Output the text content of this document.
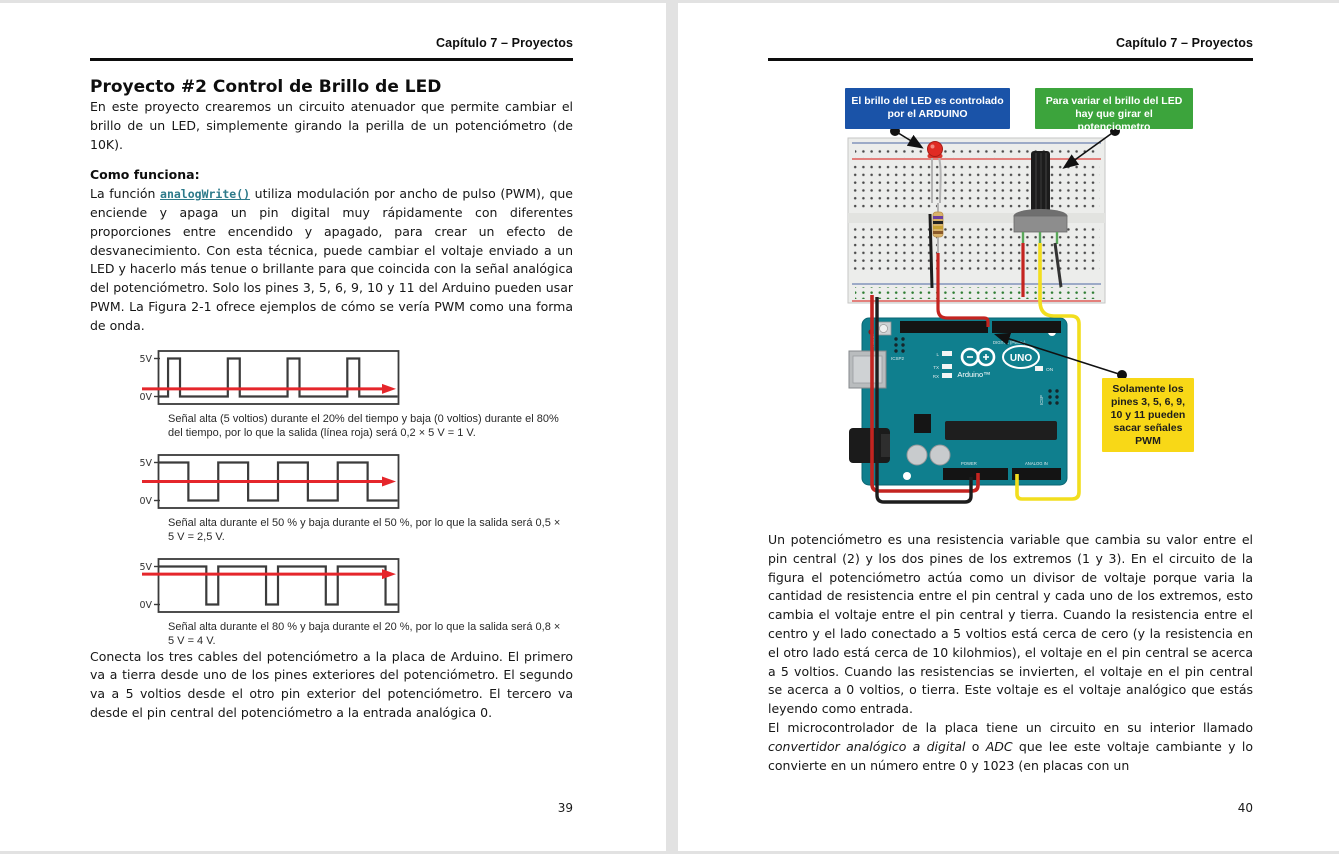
Capítulo 7 – Proyectos
Proyecto #2 Control de Brillo de LED

En este proyecto crearemos un circuito atenuador que permite cambiar el brillo de un LED, simplemente girando la perilla de un potenciómetro (de 10K).

Como funciona:

La función analogWrite() utiliza modulación por ancho de pulso (PWM), que enciende y apaga un pin digital muy rápidamente con diferentes proporciones entre encendido y apagado, para crear un efecto de desvanecimiento. Con esta técnica, puede cambiar el voltaje enviado a un LED y hacerlo más tenue o brillante para que coincida con la señal analógica del potenciómetro. Solo los pines 3, 5, 6, 9, 10 y 11 del Arduino pueden usar PWM. La Figura 2-1 ofrece ejemplos de cómo se vería PWM como una forma de onda.

5V
0V
Señal alta (5 voltios) durante el 20% del tiempo y baja (0 voltios) durante el 80% del tiempo, por lo que la salida (línea roja) será 0,2 × 5 V = 1 V.
5V
0V
Señal alta durante el 50 % y baja durante el 50 %, por lo que la salida será 0,5 × 5 V = 2,5 V.
5V
0V
Señal alta durante el 80 % y baja durante el 20 %, por lo que la salida será 0,8 × 5 V = 4 V.

Conecta los tres cables del potenciómetro a la placa de Arduino. El primero va a tierra desde uno de los pines exteriores del potenciómetro. El segundo va a 5 voltios desde el otro pin exterior del potenciómetro. El tercero va desde el pin central del potenciómetro a la entrada analógica 0.

39
Capítulo 7 – Proyectos

Un potenciómetro es una resistencia variable que cambia su valor entre el pin central (2) y los dos pines de los extremos (1 y 3). En el circuito de la figura el potenciómetro actúa como un divisor de voltaje porque varia la cantidad de resistencia entre el pin central y cada uno de los extremos, esto cambia el voltaje entre el pin central y tierra. Cuando la resistencia entre el centro y el lado conectado a 5 voltios está cerca de cero (y la resistencia en el otro lado está cerca de 10 kilohmios), el voltaje en el pin central se acerca a 5 voltios. Cuando las resistencias se invierten, el voltaje en el pin central se acerca a 0 voltios, o tierra. Este voltaje es el voltaje analógico que estás leyendo como entrada.

El microcontrolador de la placa tiene un circuito en su interior llamado convertidor analógico a digital o ADC que lee este voltaje cambiante y lo convierte en un número entre 0 y 1023 (en placas con un

RESET
ICSP2
DIGITAL (PWM~)
POWER	ANALOG IN
L
TX
RX
UNO
Arduino™	ON
ICSP
El brillo del LED es controlado por el ARDUINO
Para variar el brillo del LED hay que girar el potenciometro
Solamente los pines 3, 5, 6, 9, 10 y 11 pueden sacar señales PWM
40
